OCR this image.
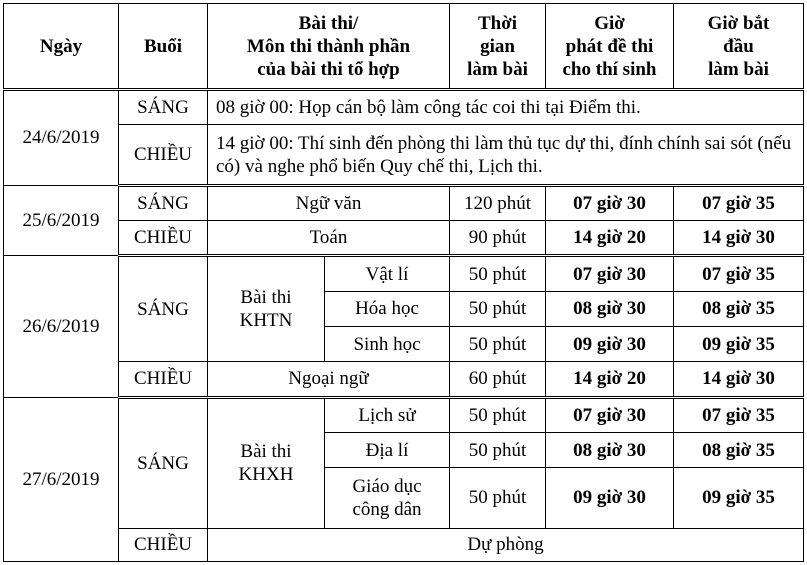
Ngày	Buổi	Bài thi/
Môn thi thành phần
của bài thi tổ hợp		Thời
gian
làm bài	Giờ
phát đề thi
cho thí sinh	Giờ bắt
đầu
làm bài
24/6/2019	SÁNG	08 giờ 00: Họp cán bộ làm công tác coi thi tại Điểm thi.				
	CHIỀU	14 giờ 00: Thí sinh đến phòng thi làm thủ tục dự thi, đính chính sai sót (nếu có) và nghe phổ biến Quy chế thi, Lịch thi.				
25/6/2019	SÁNG	Ngữ văn		120 phút	07 giờ 30	07 giờ 35
	CHIỀU	Toán		90 phút	14 giờ 20	14 giờ 30
26/6/2019	SÁNG	Bài thi
KHTN	Vật lí	50 phút	07 giờ 30	07 giờ 35
			Hóa học	50 phút	08 giờ 30	08 giờ 35
			Sinh học	50 phút	09 giờ 30	09 giờ 35
	CHIỀU	Ngoại ngữ		60 phút	14 giờ 20	14 giờ 30
27/6/2019	SÁNG	Bài thi
KHXH	Lịch sử	50 phút	07 giờ 30	07 giờ 35
			Địa lí	50 phút	08 giờ 30	08 giờ 35
			Giáo dục
công dân	50 phút	09 giờ 30	09 giờ 35
	CHIỀU	Dự phòng				
